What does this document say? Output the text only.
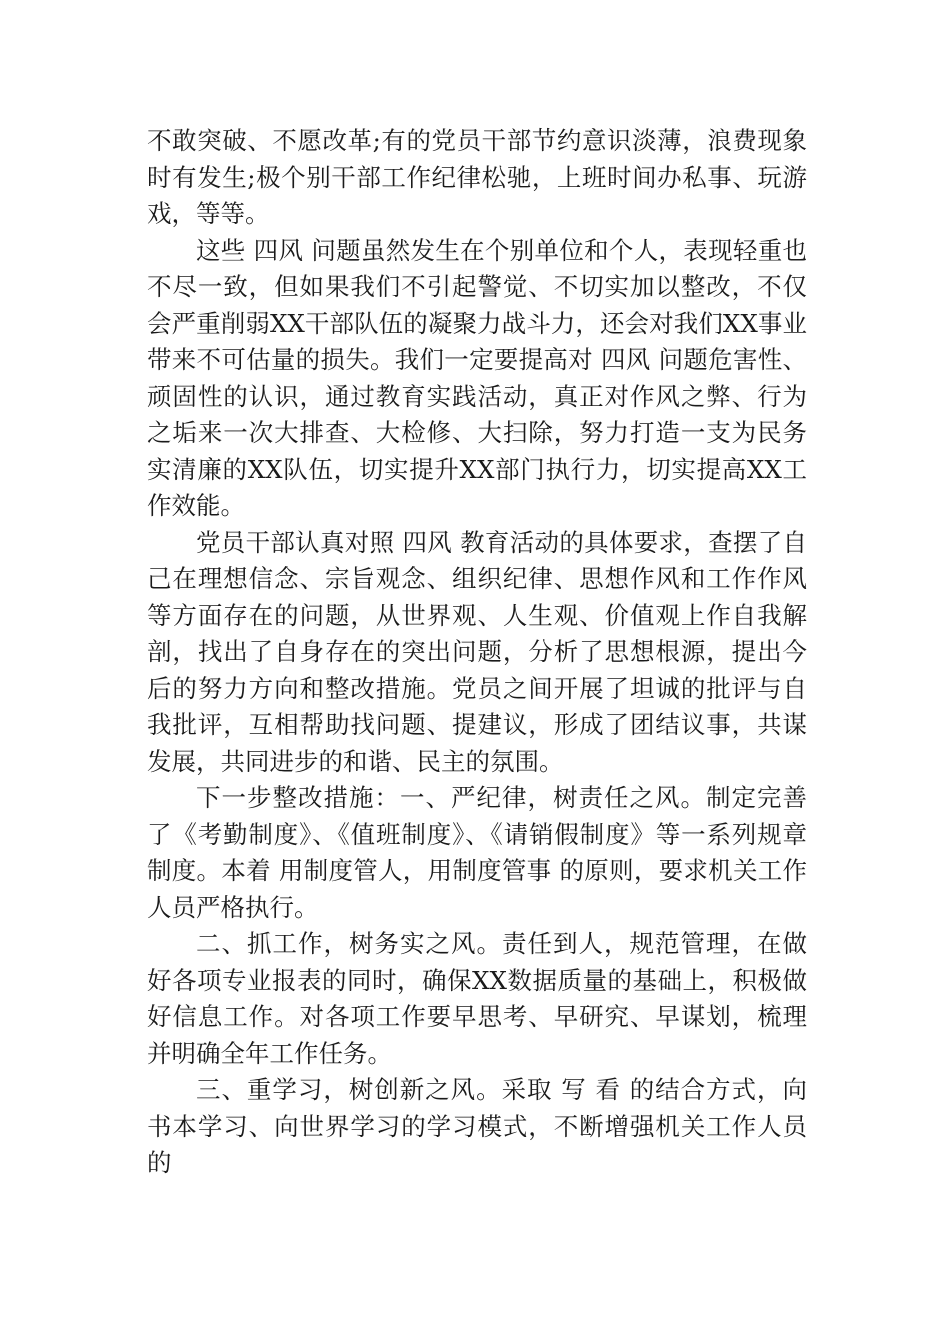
不敢突破、不愿改革;有的党员干部节约意识淡薄，浪费现象时有发生;极个别干部工作纪律松驰，上班时间办私事、玩游戏，等等。

这些 四风 问题虽然发生在个别单位和个人，表现轻重也不尽一致，但如果我们不引起警觉、不切实加以整改，不仅会严重削弱XX干部队伍的凝聚力战斗力，还会对我们XX事业带来不可估量的损失。我们一定要提高对 四风 问题危害性、顽固性的认识，通过教育实践活动，真正对作风之弊、行为之垢来一次大排查、大检修、大扫除，努力打造一支为民务实清廉的XX队伍，切实提升XX部门执行力，切实提高XX工作效能。

党员干部认真对照 四风 教育活动的具体要求，查摆了自己在理想信念、宗旨观念、组织纪律、思想作风和工作作风等方面存在的问题，从世界观、人生观、价值观上作自我解剖，找出了自身存在的突出问题，分析了思想根源，提出今后的努力方向和整改措施。党员之间开展了坦诚的批评与自我批评，互相帮助找问题、提建议，形成了团结议事，共谋发展，共同进步的和谐、民主的氛围。

下一步整改措施：一、严纪律，树责任之风。制定完善了《考勤制度》、《值班制度》、《请销假制度》等一系列规章制度。本着 用制度管人，用制度管事 的原则，要求机关工作人员严格执行。

二、抓工作，树务实之风。责任到人，规范管理，在做好各项专业报表的同时，确保XX数据质量的基础上，积极做好信息工作。对各项工作要早思考、早研究、早谋划，梳理并明确全年工作任务。

三、重学习，树创新之风。采取 写 看 的结合方式，向书本学习、向世界学习的学习模式，不断增强机关工作人员的
